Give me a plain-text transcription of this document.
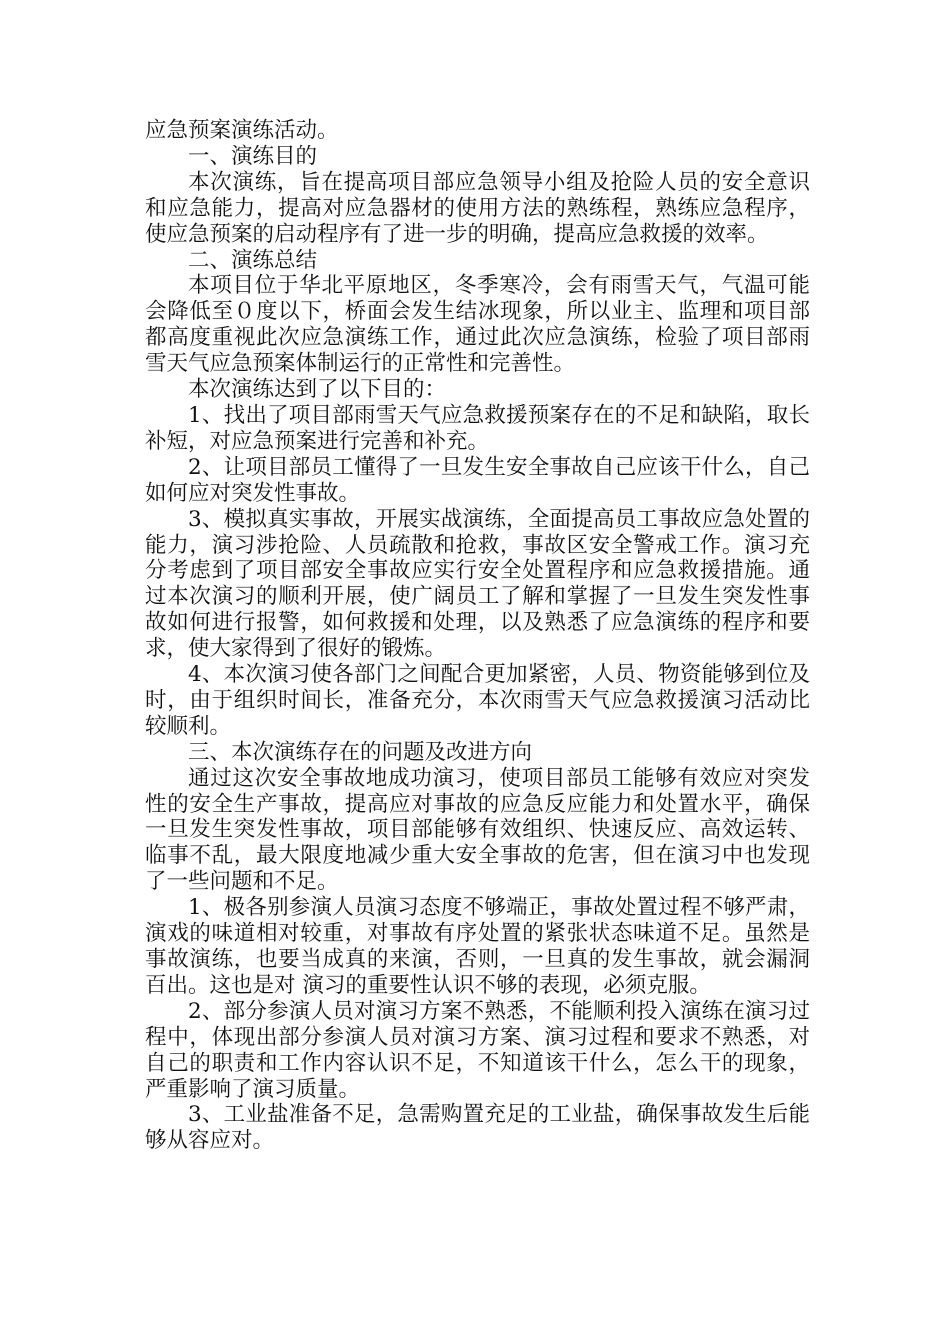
应急预案演练活动。

一、演练目的

本次演练，旨在提高项目部应急领导小组及抢险人员的安全意识和应急能力，提高对应急器材的使用方法的熟练程，熟练应急程序，使应急预案的启动程序有了进一步的明确，提高应急救援的效率。

二、演练总结

本项目位于华北平原地区，冬季寒冷，会有雨雪天气，气温可能会降低至０度以下，桥面会发生结冰现象，所以业主、监理和项目部都高度重视此次应急演练工作，通过此次应急演练，检验了项目部雨雪天气应急预案体制运行的正常性和完善性。

本次演练达到了以下目的：

1、找出了项目部雨雪天气应急救援预案存在的不足和缺陷，取长补短，对应急预案进行完善和补充。

2、让项目部员工懂得了一旦发生安全事故自己应该干什么，自己如何应对突发性事故。

3、模拟真实事故，开展实战演练，全面提高员工事故应急处置的能力，演习涉抢险、人员疏散和抢救，事故区安全警戒工作。演习充分考虑到了项目部安全事故应实行安全处置程序和应急救援措施。通过本次演习的顺利开展，使广阔员工了解和掌握了一旦发生突发性事故如何进行报警，如何救援和处理，以及熟悉了应急演练的程序和要求，使大家得到了很好的锻炼。

4、本次演习使各部门之间配合更加紧密，人员、物资能够到位及时，由于组织时间长，准备充分，本次雨雪天气应急救援演习活动比较顺利。

三、本次演练存在的问题及改进方向

通过这次安全事故地成功演习，使项目部员工能够有效应对突发性的安全生产事故，提高应对事故的应急反应能力和处置水平，确保一旦发生突发性事故，项目部能够有效组织、快速反应、高效运转、临事不乱，最大限度地减少重大安全事故的危害，但在演习中也发现了一些问题和不足。

1、极各别参演人员演习态度不够端正，事故处置过程不够严肃，演戏的味道相对较重，对事故有序处置的紧张状态味道不足。虽然是事故演练，也要当成真的来演，否则，一旦真的发生事故，就会漏洞百出。这也是对 演习的重要性认识不够的表现，必须克服。

2、部分参演人员对演习方案不熟悉，不能顺利投入演练在演习过程中，体现出部分参演人员对演习方案、演习过程和要求不熟悉，对自己的职责和工作内容认识不足，不知道该干什么，怎么干的现象，严重影响了演习质量。

3、工业盐准备不足，急需购置充足的工业盐，确保事故发生后能够从容应对。
